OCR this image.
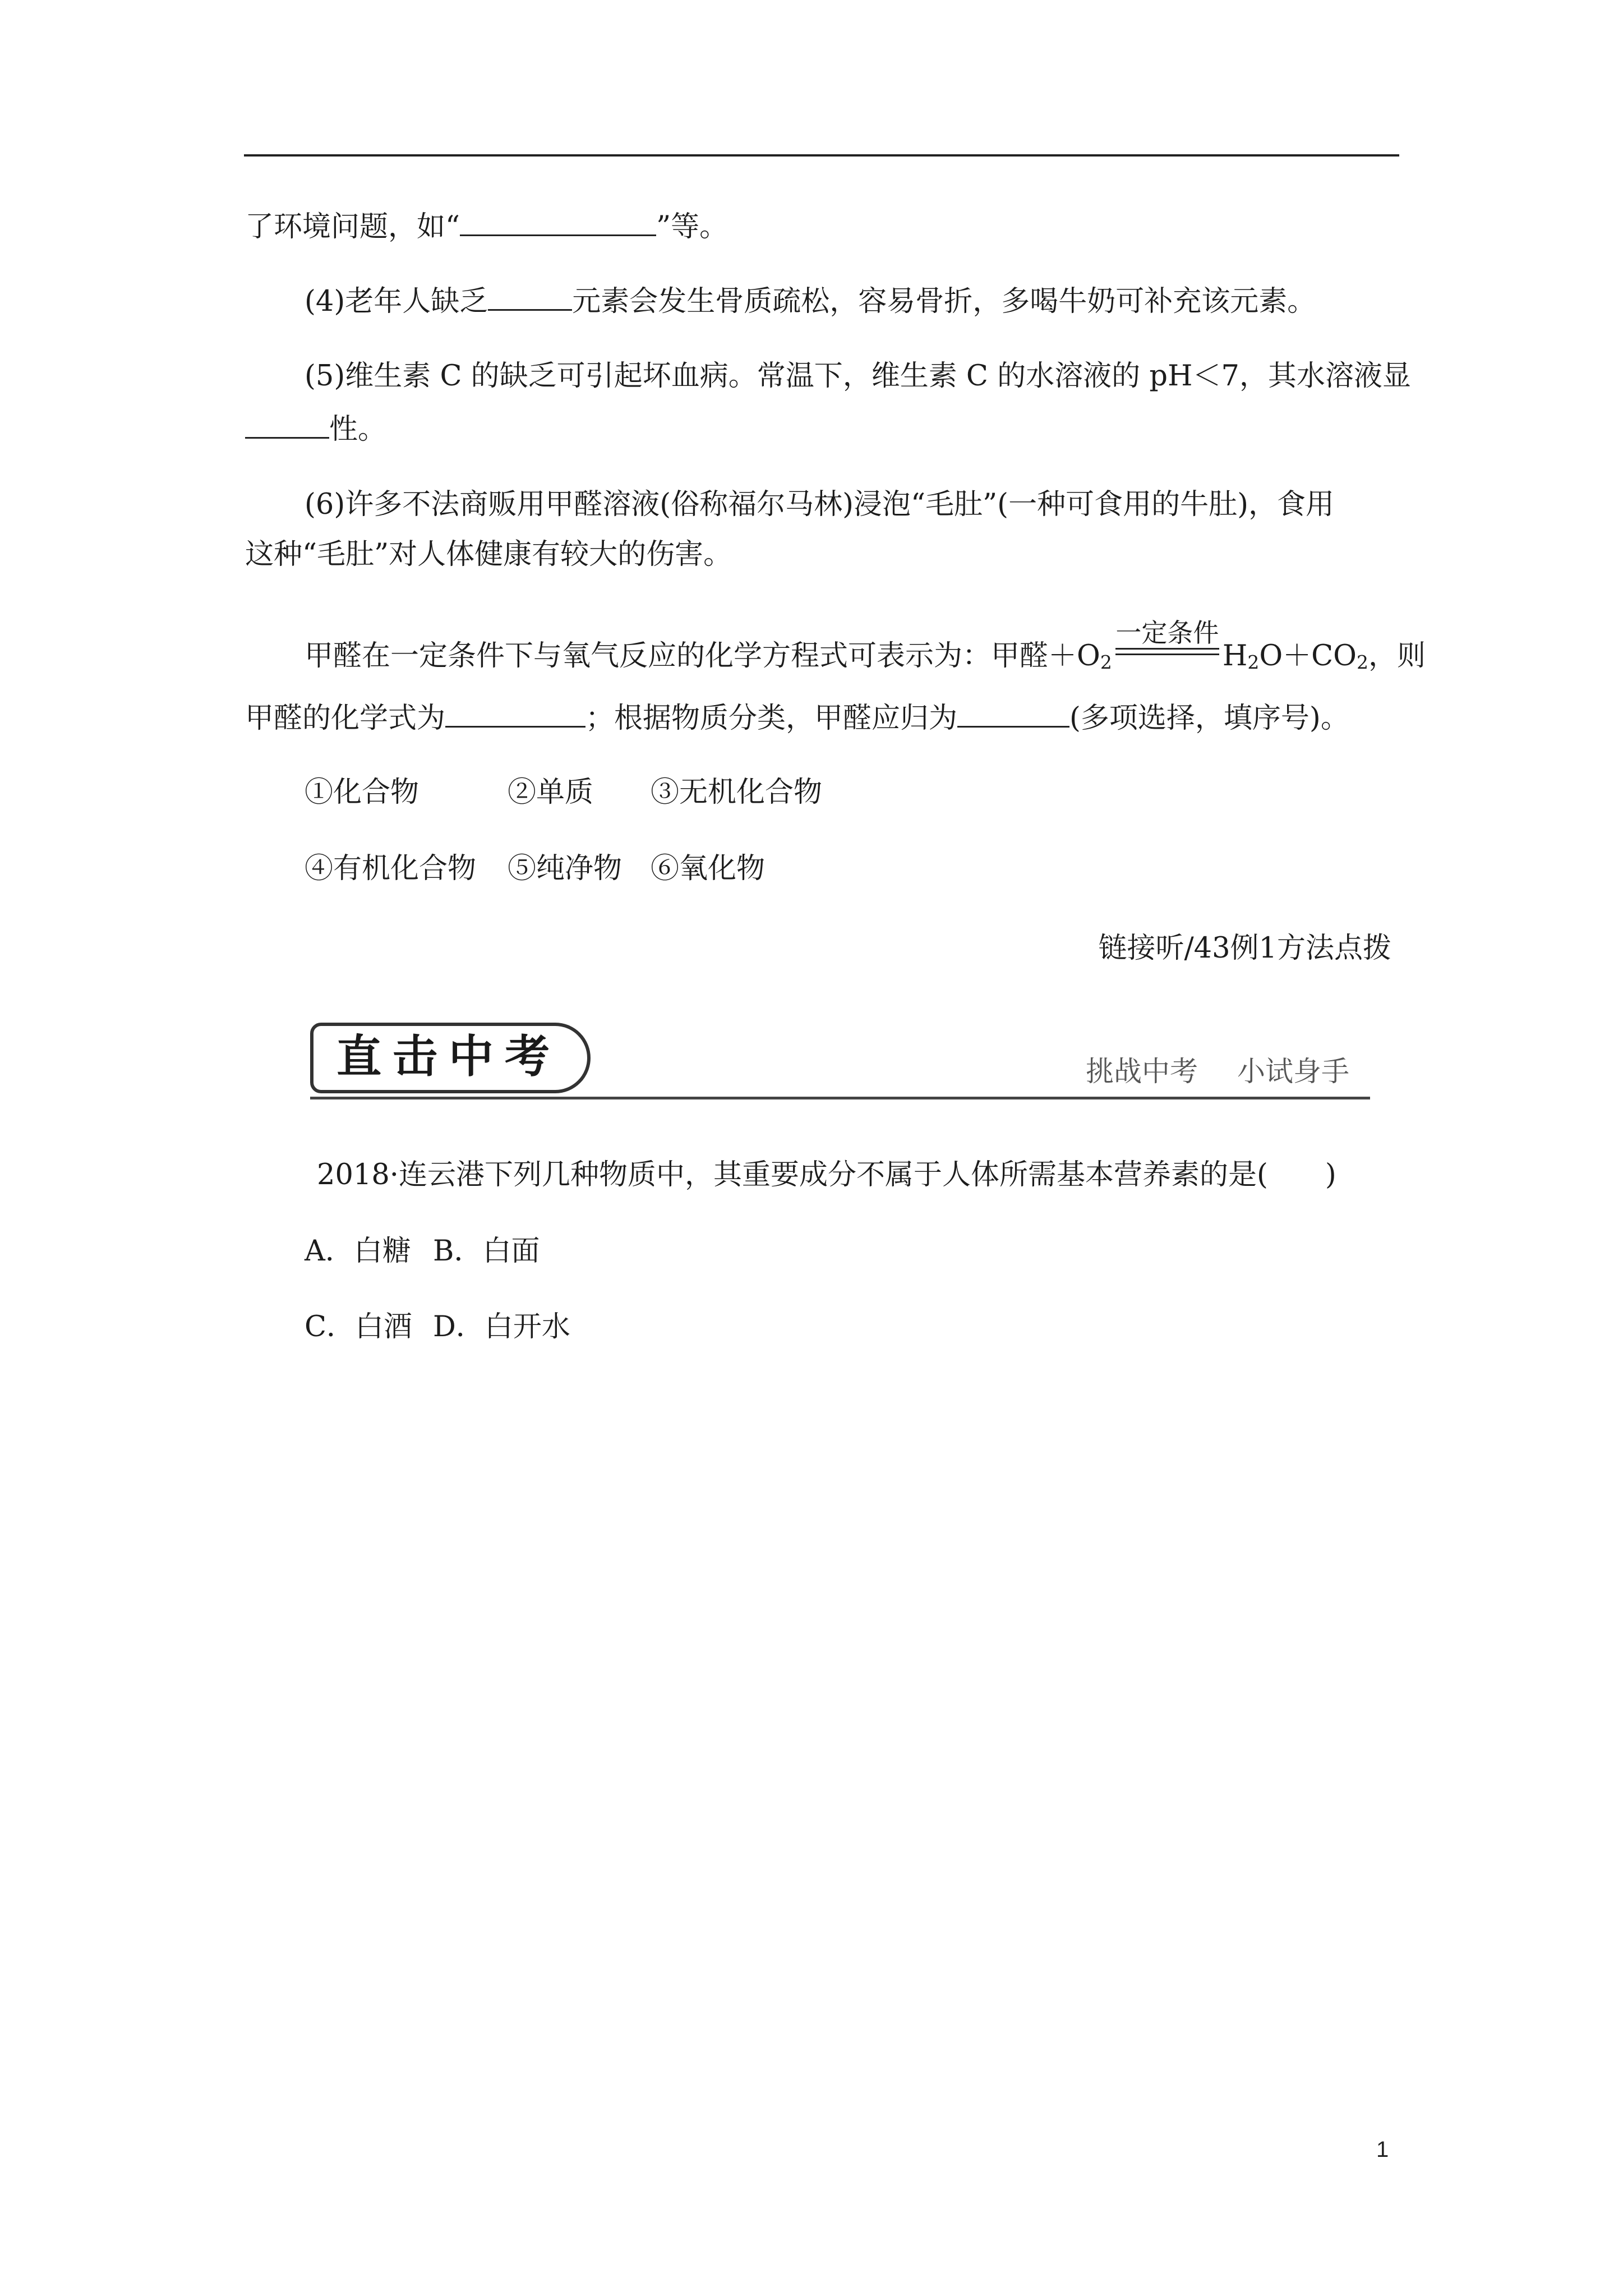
了环境问题，如“	”等。
(4)老年人缺乏	元素会发生骨质疏松，容易骨折，多喝牛奶可补充该元素。
(5)维生素 C 的缺乏可引起坏血病。常温下，维生素 C 的水溶液的 pH＜7，其水溶液显
性。
(6)许多不法商贩用甲醛溶液(俗称福尔马林)浸泡“毛肚”(一种可食用的牛肚)，食用
这种“毛肚”对人体健康有较大的伤害。
甲醛在一定条件下与氧气反应的化学方程式可表示为：甲醛＋O2
一定条件
H2O＋CO2，则
甲醛的化学式为	；根据物质分类，甲醛应归为	(多项选择，填序号)。
①化合物	②单质 ③无机化合物
④有机化合物 ⑤纯净物 ⑥氧化物
链接听/43例1方法点拨
直击中考	挑战中考 小试身手
2018·连云港下列几种物质中，其重要成分不属于人体所需基本营养素的是(　　)
A．白糖 B．白面
C．白酒 D．白开水
1
